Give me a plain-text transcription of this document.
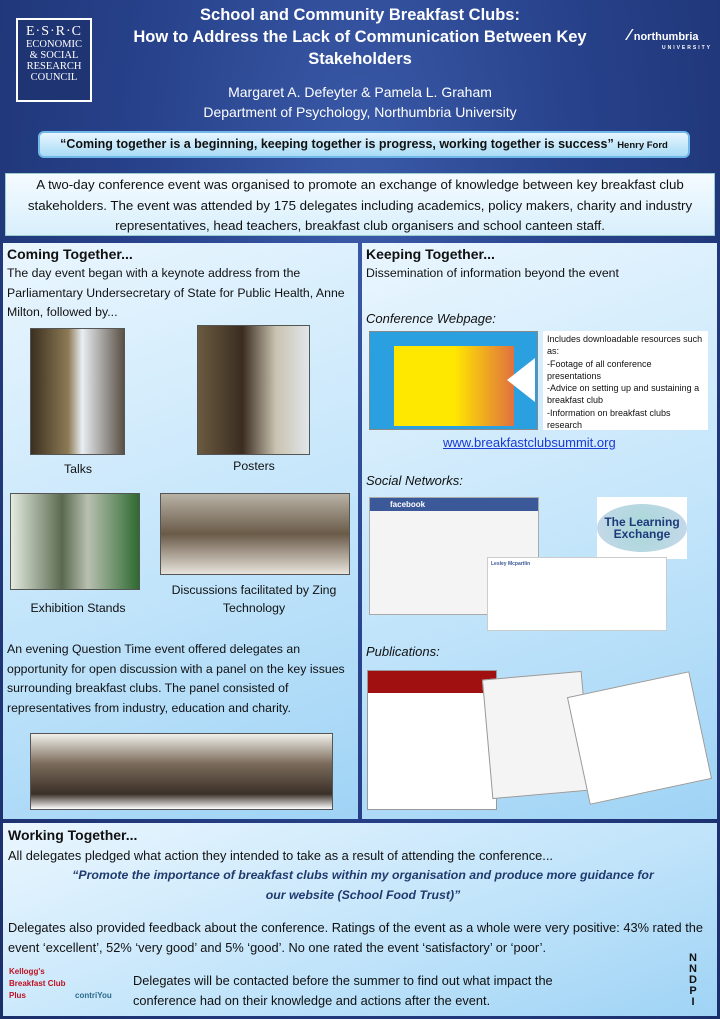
E·S·R·C
ECONOMIC
& SOCIAL
RESEARCH
COUNCIL
School and Community Breakfast Clubs:
How to Address the Lack of Communication Between Key
Stakeholders
⁄ northumbria
UNIVERSITY
Margaret A. Defeyter & Pamela L. Graham
Department of Psychology, Northumbria University
“Coming together is a beginning, keeping together is progress, working together is success” Henry Ford
A two-day conference event was organised to promote an exchange of knowledge between key breakfast club stakeholders. The event was attended by 175 delegates including academics, policy makers, charity and industry representatives, head teachers, breakfast club organisers and school canteen staff.
Coming Together...
The day event began with a keynote address from the Parliamentary Undersecretary of State for Public Health, Anne Milton, followed by...
Talks	Posters
Exhibition Stands
Discussions facilitated by Zing Technology
An evening Question Time event offered delegates an opportunity for open discussion with a panel on the key issues surrounding breakfast clubs. The panel consisted of representatives from industry, education and charity.
Keeping Together...
Dissemination of information beyond the event
Conference Webpage:
Includes downloadable resources such as:
-Footage of all conference presentations
-Advice on setting up and sustaining a breakfast club
-Information on breakfast clubs research
www.breakfastclubsummit.org
Social Networks:
facebook
The Learning Exchange
Lesley Mcpartlin
Publications:
Working Together...
All delegates pledged what action they intended to take as a result of attending the conference...
“Promote the importance of breakfast clubs within my organisation and produce more guidance for our website (School Food Trust)”
Delegates also provided feedback about the conference. Ratings of the event as a whole were very positive: 43% rated the event ‘excellent’, 52% ‘very good’ and 5% ‘good’. No one rated the event ‘satisfactory’ or ‘poor’.
Kellogg's Breakfast Club Plus	contriYou
Delegates will be contacted before the summer to find out what impact the conference had on their knowledge and actions after the event.
NNDPI
